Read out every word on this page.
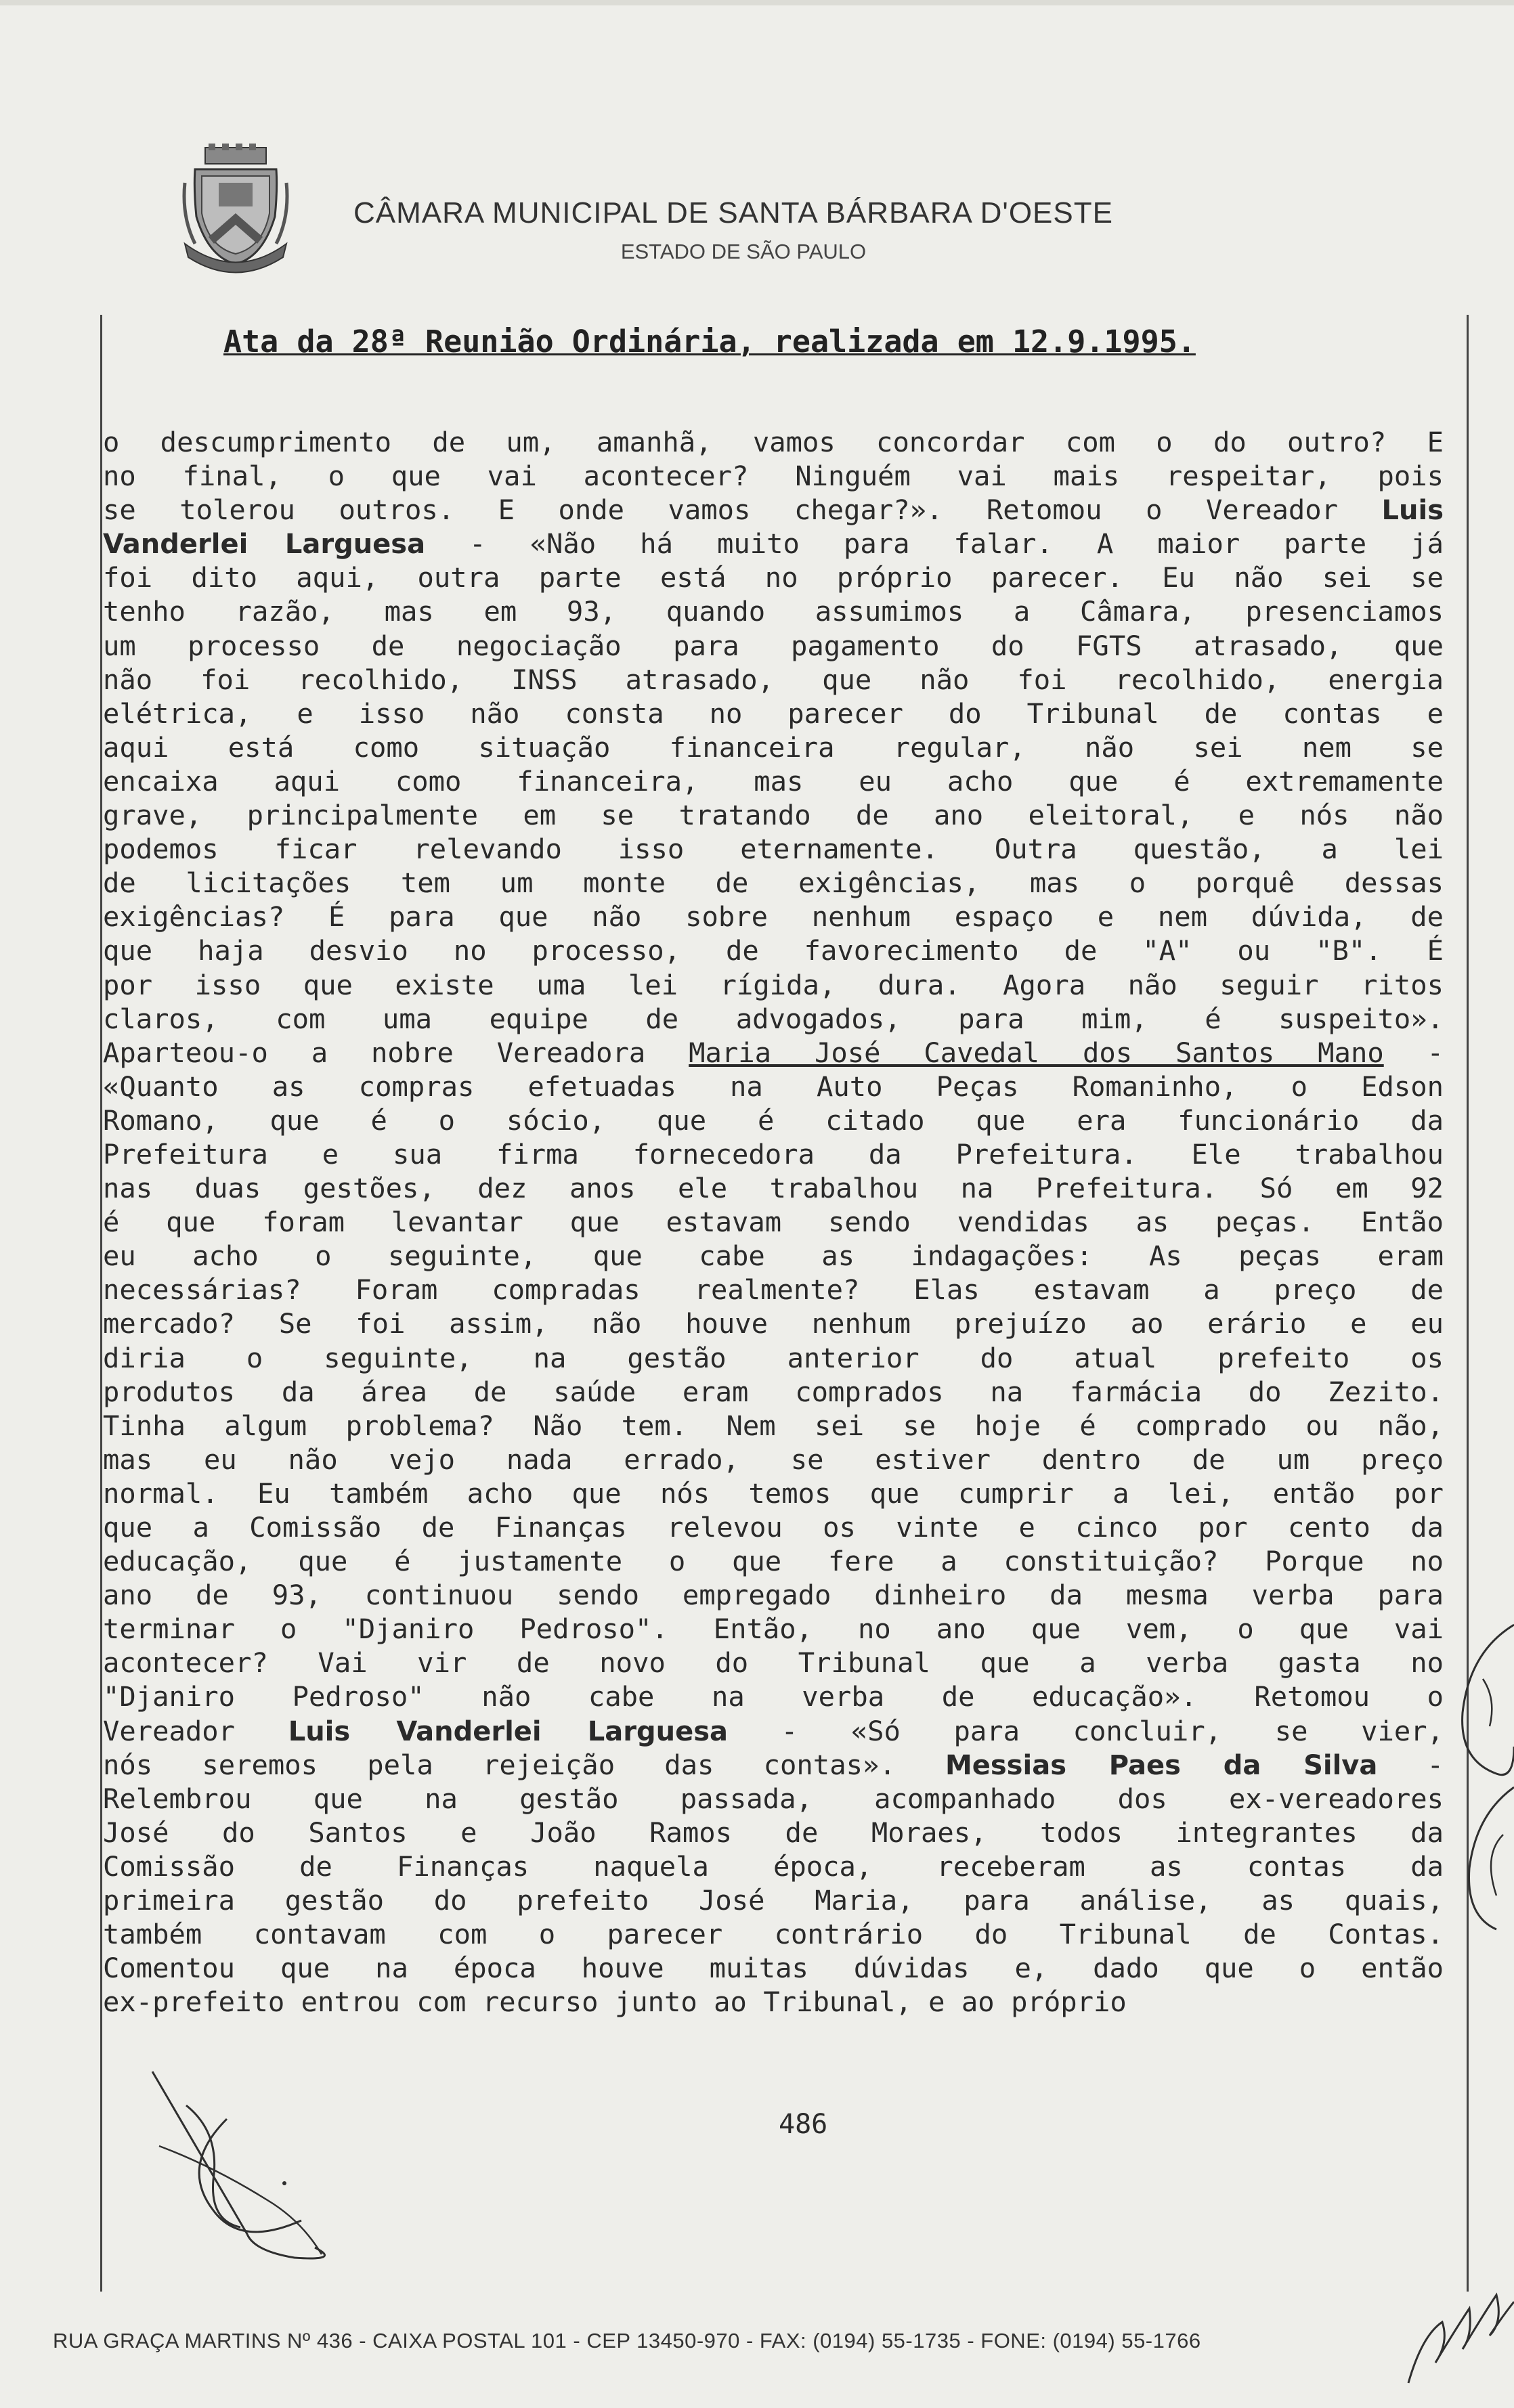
CÂMARA MUNICIPAL DE SANTA BÁRBARA D'OESTE
ESTADO DE SÃO PAULO
Ata da 28ª Reunião Ordinária, realizada em 12.9.1995.
o descumprimento de um, amanhã, vamos concordar com o do outro? E
no final, o que vai acontecer? Ninguém vai mais respeitar, pois
se tolerou outros. E onde vamos chegar?». Retomou o Vereador Luis
Vanderlei Larguesa - «Não há muito para falar. A maior parte já
foi dito aqui, outra parte está no próprio parecer. Eu não sei se
tenho razão, mas em 93, quando assumimos a Câmara, presenciamos
um processo de negociação para pagamento do FGTS atrasado, que
não foi recolhido, INSS atrasado, que não foi recolhido, energia
elétrica, e isso não consta no parecer do Tribunal de contas e
aqui está como situação financeira regular, não sei nem se
encaixa aqui como financeira, mas eu acho que é extremamente
grave, principalmente em se tratando de ano eleitoral, e nós não
podemos ficar relevando isso eternamente. Outra questão, a lei
de licitações tem um monte de exigências, mas o porquê dessas
exigências? É para que não sobre nenhum espaço e nem dúvida, de
que haja desvio no processo, de favorecimento de "A" ou "B". É
por isso que existe uma lei rígida, dura. Agora não seguir ritos
claros, com uma equipe de advogados, para mim, é suspeito».
Aparteou-o a nobre Vereadora Maria José Cavedal dos Santos Mano -
«Quanto as compras efetuadas na Auto Peças Romaninho, o Edson
Romano, que é o sócio, que é citado que era funcionário da
Prefeitura e sua firma fornecedora da Prefeitura. Ele trabalhou
nas duas gestões, dez anos ele trabalhou na Prefeitura. Só em 92
é que foram levantar que estavam sendo vendidas as peças. Então
eu acho o seguinte, que cabe as indagações: As peças eram
necessárias? Foram compradas realmente? Elas estavam a preço de
mercado? Se foi assim, não houve nenhum prejuízo ao erário e eu
diria o seguinte, na gestão anterior do atual prefeito os
produtos da área de saúde eram comprados na farmácia do Zezito.
Tinha algum problema? Não tem. Nem sei se hoje é comprado ou não,
mas eu não vejo nada errado, se estiver dentro de um preço
normal. Eu também acho que nós temos que cumprir a lei, então por
que a Comissão de Finanças relevou os vinte e cinco por cento da
educação, que é justamente o que fere a constituição? Porque no
ano de 93, continuou sendo empregado dinheiro da mesma verba para
terminar o "Djaniro Pedroso". Então, no ano que vem, o que vai
acontecer? Vai vir de novo do Tribunal que a verba gasta no
"Djaniro Pedroso" não cabe na verba de educação». Retomou o
Vereador Luis Vanderlei Larguesa - «Só para concluir, se vier,
nós seremos pela rejeição das contas». Messias Paes da Silva -
Relembrou que na gestão passada, acompanhado dos ex-vereadores
José do Santos e João Ramos de Moraes, todos integrantes da
Comissão de Finanças naquela época, receberam as contas da
primeira gestão do prefeito José Maria, para análise, as quais,
também contavam com o parecer contrário do Tribunal de Contas.
Comentou que na época houve muitas dúvidas e, dado que o então
ex-prefeito entrou com recurso junto ao Tribunal, e ao próprio
486
RUA GRAÇA MARTINS Nº 436 - CAIXA POSTAL 101 - CEP 13450-970 - FAX: (0194) 55-1735 - FONE: (0194) 55-1766
